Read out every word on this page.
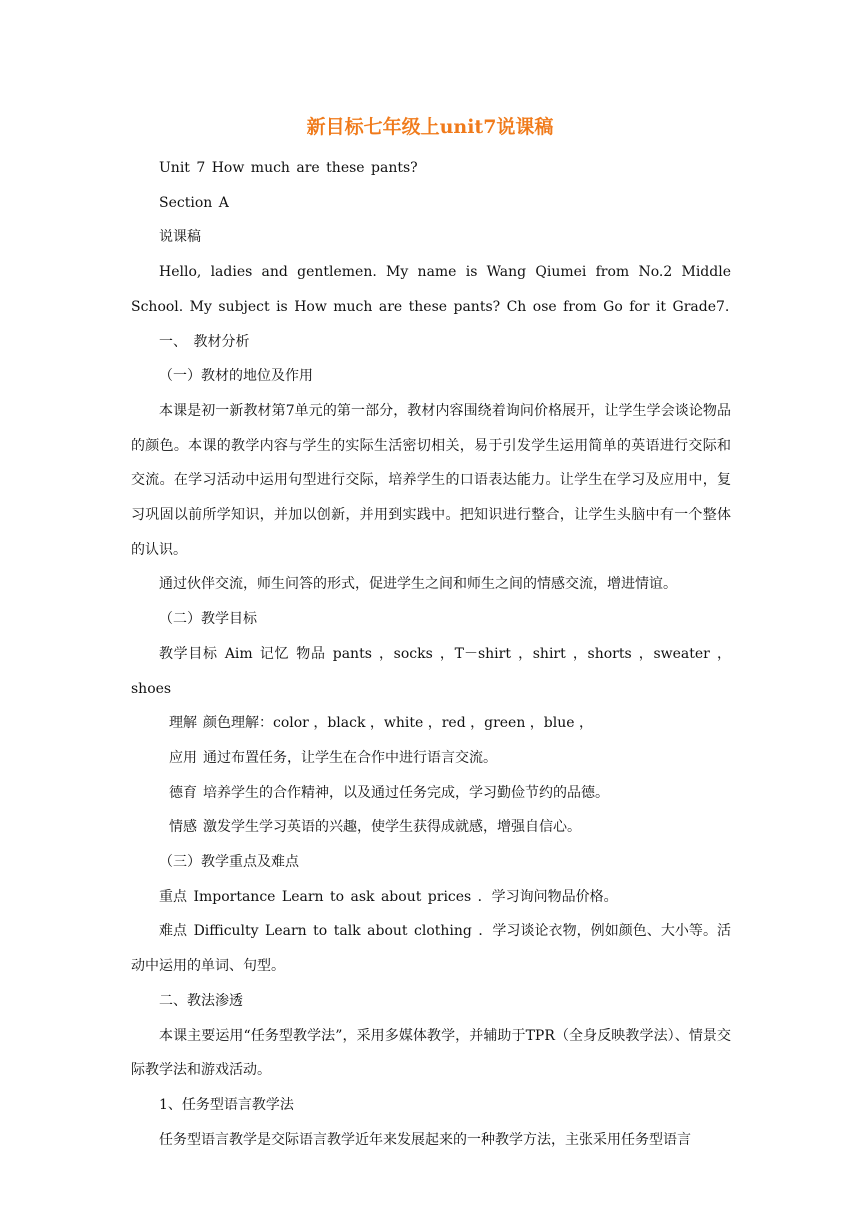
新目标七年级上unit7说课稿

Unit 7 How much are these pants?

Section A

说课稿

Hello, ladies and gentlemen. My name is Wang Qiumei from No.2 Middle School. My subject is How much are these pants? Ch ose from Go for it Grade7.

一、 教材分析

（一）教材的地位及作用

本课是初一新教材第7单元的第一部分，教材内容围绕着询问价格展开，让学生学会谈论物品的颜色。本课的教学内容与学生的实际生活密切相关，易于引发学生运用简单的英语进行交际和交流。在学习活动中运用句型进行交际，培养学生的口语表达能力。让学生在学习及应用中，复习巩固以前所学知识，并加以创新，并用到实践中。把知识进行整合，让学生头脑中有一个整体的认识。

通过伙伴交流，师生问答的形式，促进学生之间和师生之间的情感交流，增进情谊。

（二）教学目标

教学目标 Aim 记忆 物品 pants ，socks ，T－shirt ，shirt ，shorts ，sweater ，shoes

理解 颜色理解：color ，black ，white ，red ，green ，blue ，

应用 通过布置任务，让学生在合作中进行语言交流。

德育 培养学生的合作精神，以及通过任务完成，学习勤俭节约的品德。

情感 激发学生学习英语的兴趣，使学生获得成就感，增强自信心。

（三）教学重点及难点

重点 Importance Learn to ask about prices ．学习询问物品价格。

难点 Difficulty Learn to talk about clothing ．学习谈论衣物，例如颜色、大小等。活动中运用的单词、句型。

二、教法渗透

本课主要运用“任务型教学法”，采用多媒体教学，并辅助于TPR（全身反映教学法）、情景交际教学法和游戏活动。

1、任务型语言教学法

任务型语言教学是交际语言教学近年来发展起来的一种教学方法，主张采用任务型语言
